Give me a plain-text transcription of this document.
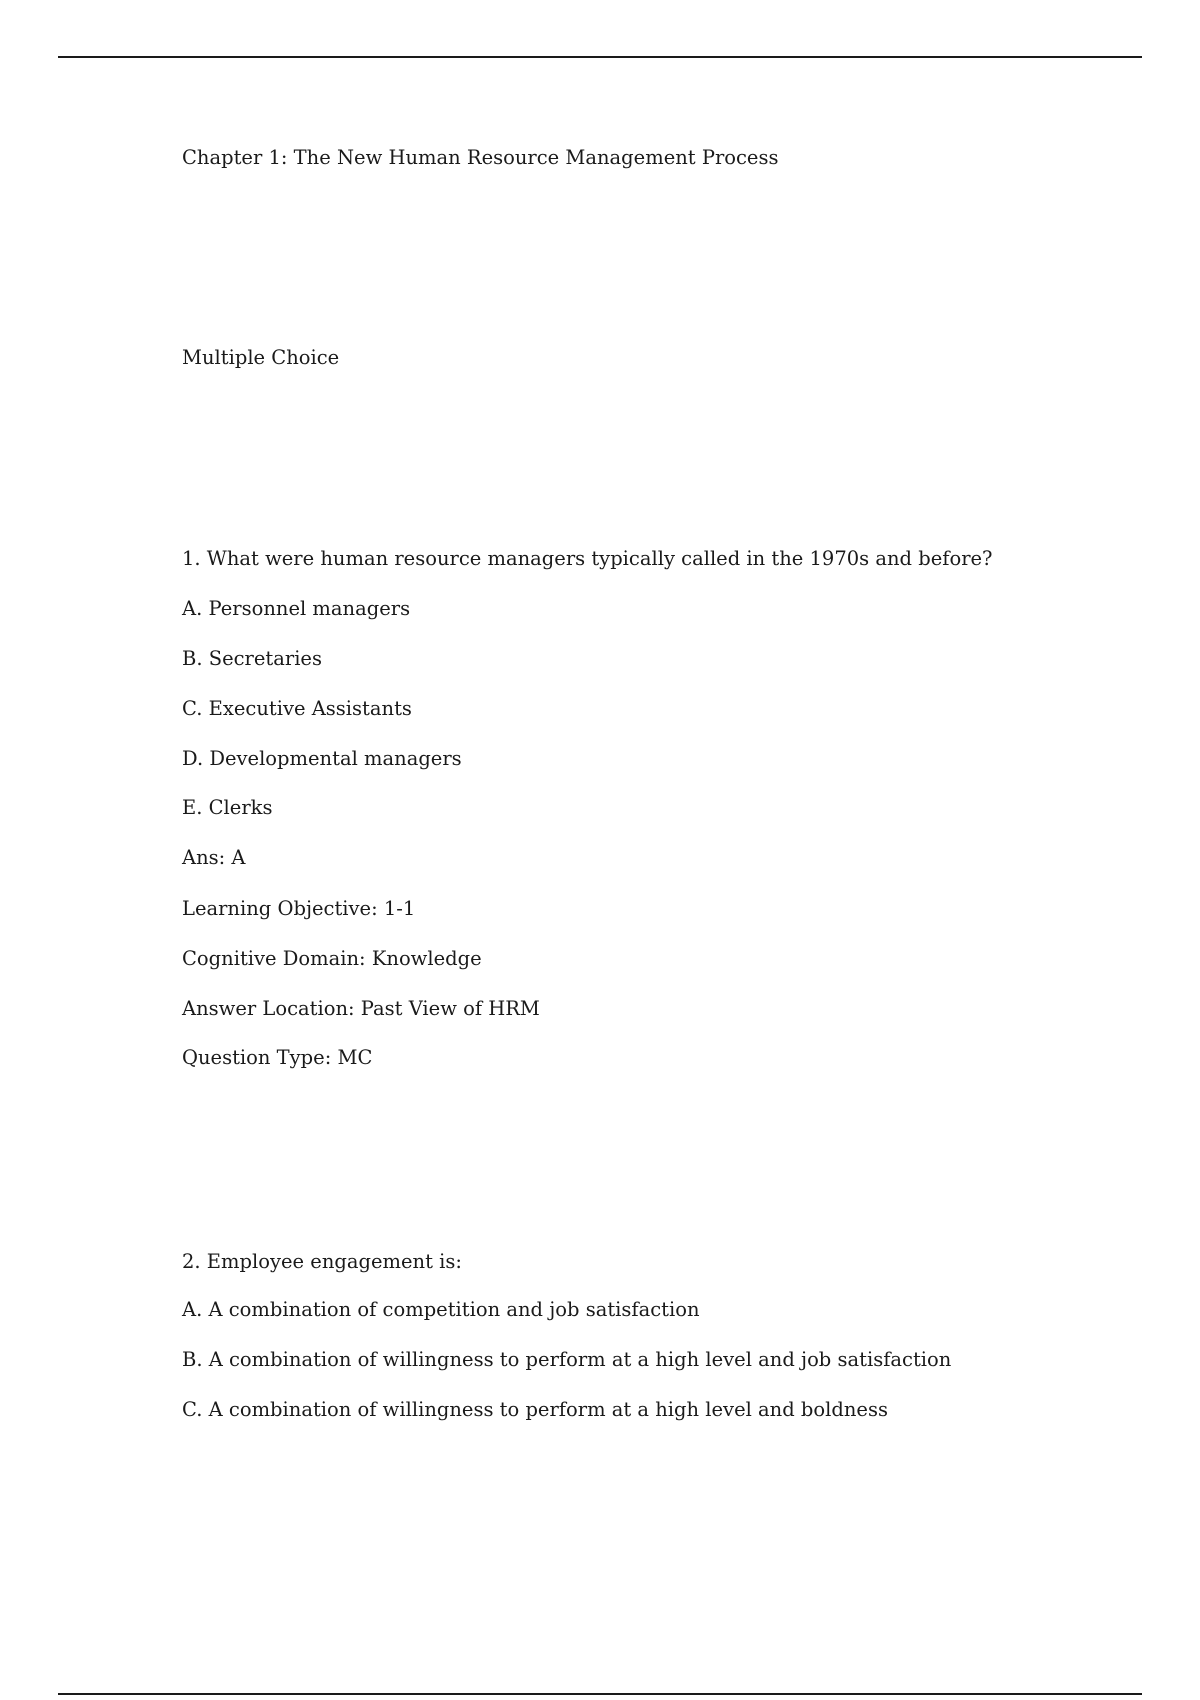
Chapter 1: The New Human Resource Management Process
Multiple Choice
1. What were human resource managers typically called in the 1970s and before?
A. Personnel managers
B. Secretaries
C. Executive Assistants
D. Developmental managers
E. Clerks
Ans: A
Learning Objective: 1-1
Cognitive Domain: Knowledge
Answer Location: Past View of HRM
Question Type: MC
2. Employee engagement is:
A. A combination of competition and job satisfaction
B. A combination of willingness to perform at a high level and job satisfaction
C. A combination of willingness to perform at a high level and boldness
